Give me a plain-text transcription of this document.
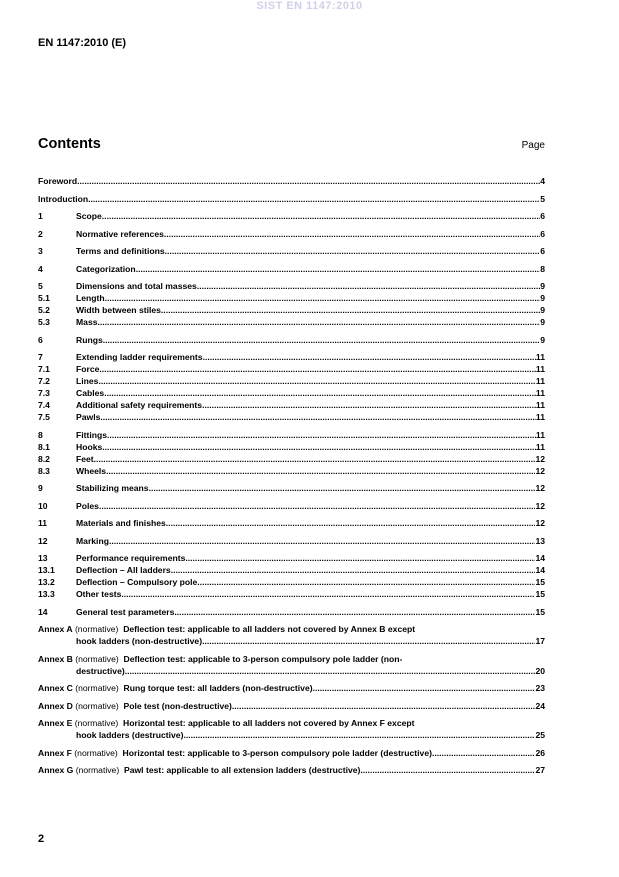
SIST EN 1147:2010
EN 1147:2010 (E)
Contents	Page
Foreword .....	4
Introduction .....	5
1	Scope .....	6
2	Normative references .....	6
3	Terms and definitions .....	6
4	Categorization .....	8
5	Dimensions and total masses .....	9
5.1	Length .....	9
5.2	Width between stiles .....	9
5.3	Mass .....	9
6	Rungs .....	9
7	Extending ladder requirements .....	11
7.1	Force .....	11
7.2	Lines .....	11
7.3	Cables .....	11
7.4	Additional safety requirements .....	11
7.5	Pawls .....	11
8	Fittings .....	11
8.1	Hooks .....	11
8.2	Feet .....	12
8.3	Wheels .....	12
9	Stabilizing means .....	12
10	Poles .....	12
11	Materials and finishes .....	12
12	Marking .....	13
13	Performance requirements .....	14
13.1 Deflection – All ladders .....	14
13.2 Deflection – Compulsory pole .....	15
13.3 Other tests .....	15
14	General test parameters .....	15
Annex A
(normative)
Deflection test: applicable to all ladders not covered by Annex B except
hook ladders (non-destructive) .....	17
Annex B
(normative)
Deflection test: applicable to 3-person compulsory pole ladder (non-
destructive) .....	20
Annex C
(normative)
Rung torque test: all ladders (non-destructive) .....	23
Annex D
(normative)
Pole test (non-destructive) .....	24
Annex E
(normative)
Horizontal test: applicable to all ladders not covered by Annex F except
hook ladders (destructive) .....	25
Annex F
(normative)
Horizontal test: applicable to 3-person compulsory pole ladder (destructive) .....	26
Annex G
(normative)
Pawl test: applicable to all extension ladders (destructive) .....	27
2
